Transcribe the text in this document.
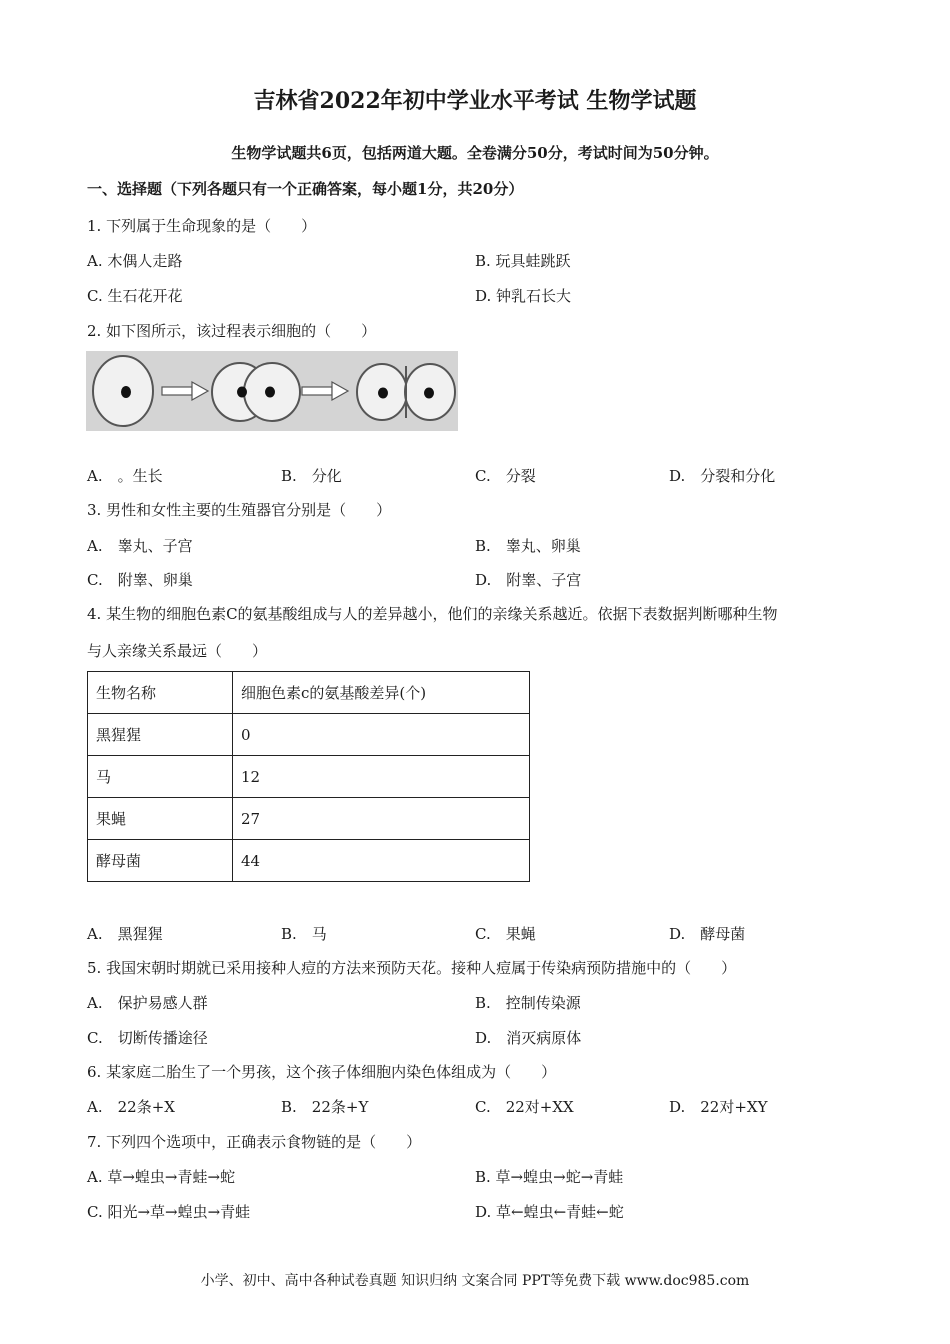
吉林省2022年初中学业水平考试 生物学试题
生物学试题共6页，包括两道大题。全卷满分50分，考试时间为50分钟。
一、选择题（下列各题只有一个正确答案，每小题1分，共20分）
1. 下列属于生命现象的是（　　）
A. 木偶人走路	B. 玩具蛙跳跃
C. 生石花开花	D. 钟乳石长大
2. 如下图所示，该过程表示细胞的（　　）
A.　。生长	B.　分化	C.　分裂	D.　分裂和分化
3. 男性和女性主要的生殖器官分别是（　　）
A.　睾丸、子宫	B.　睾丸、卵巢
C.　附睾、卵巢	D.　附睾、子宫
4. 某生物的细胞色素C的氨基酸组成与人的差异越小，他们的亲缘关系越近。依据下表数据判断哪种生物
与人亲缘关系最远（　　）
生物名称	细胞色素c的氨基酸差异(个)
黑猩猩	0
马	12
果蝇	27
酵母菌	44
A.　黑猩猩	B.　马	C.　果蝇	D.　酵母菌
5. 我国宋朝时期就已采用接种人痘的方法来预防天花。接种人痘属于传染病预防措施中的（　　）
A.　保护易感人群	B.　控制传染源
C.　切断传播途径	D.　消灭病原体
6. 某家庭二胎生了一个男孩，这个孩子体细胞内染色体组成为（　　）
A.　22条+X	B.　22条+Y	C.　22对+XX	D.　22对+XY
7. 下列四个选项中，正确表示食物链的是（　　）
A. 草→蝗虫→青蛙→蛇	B. 草→蝗虫→蛇→青蛙
C. 阳光→草→蝗虫→青蛙	D. 草←蝗虫←青蛙←蛇
小学、初中、高中各种试卷真题 知识归纳 文案合同 PPT等免费下载 www.doc985.com
